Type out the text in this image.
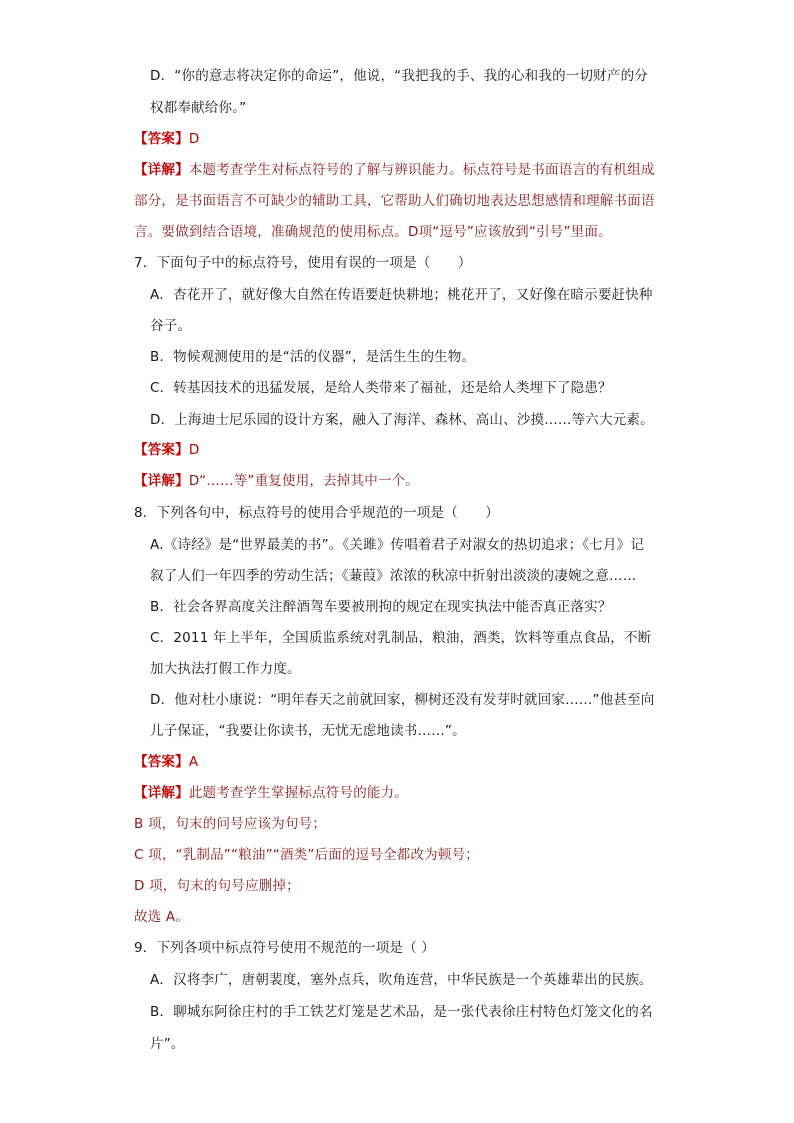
D．“你的意志将决定你的命运”，他说，“我把我的手、我的心和我的一切财产的分
权都奉献给你。”
【答案】D
【详解】本题考查学生对标点符号的了解与辨识能力。标点符号是书面语言的有机组成
部分，是书面语言不可缺少的辅助工具，它帮助人们确切地表达思想感情和理解书面语
言。要做到结合语境，准确规范的使用标点。D项“逗号”应该放到“引号”里面。
7．下面句子中的标点符号，使用有误的一项是（　　）
A．杏花开了，就好像大自然在传语要赶快耕地；桃花开了，又好像在暗示要赶快种
谷子。
B．物候观测使用的是“活的仪器”，是活生生的生物。
C．转基因技术的迅猛发展，是给人类带来了福祉，还是给人类埋下了隐患？
D．上海迪士尼乐园的设计方案，融入了海洋、森林、高山、沙摸……等六大元素。
【答案】D
【详解】D“……等”重复使用，去掉其中一个。
8．下列各句中，标点符号的使用合乎规范的一项是（　　）
A.《诗经》是“世界最美的书”。《关雎》传唱着君子对淑女的热切追求；《七月》记
叙了人们一年四季的劳动生活；《蒹葭》浓浓的秋凉中折射出淡淡的凄婉之意……
B．社会各界高度关注醉酒驾车要被刑拘的规定在现实执法中能否真正落实？
C．2011 年上半年，全国质监系统对乳制品，粮油，酒类，饮料等重点食品，不断
加大执法打假工作力度。
D．他对杜小康说：“明年春天之前就回家，柳树还没有发芽时就回家……”他甚至向
儿子保证，“我要让你读书，无忧无虑地读书……”。
【答案】A
【详解】此题考查学生掌握标点符号的能力。
B 项，句末的问号应该为句号；
C 项，“乳制品”“粮油”“酒类”后面的逗号全都改为顿号；
D 项，句末的句号应删掉；
故选 A。
9．下列各项中标点符号使用不规范的一项是（ ）
A．汉将李广，唐朝裴度，塞外点兵，吹角连营，中华民族是一个英雄辈出的民族。
B．聊城东阿徐庄村的手工铁艺灯笼是艺术品，是一张代表徐庄村特色灯笼文化的名
片”。
